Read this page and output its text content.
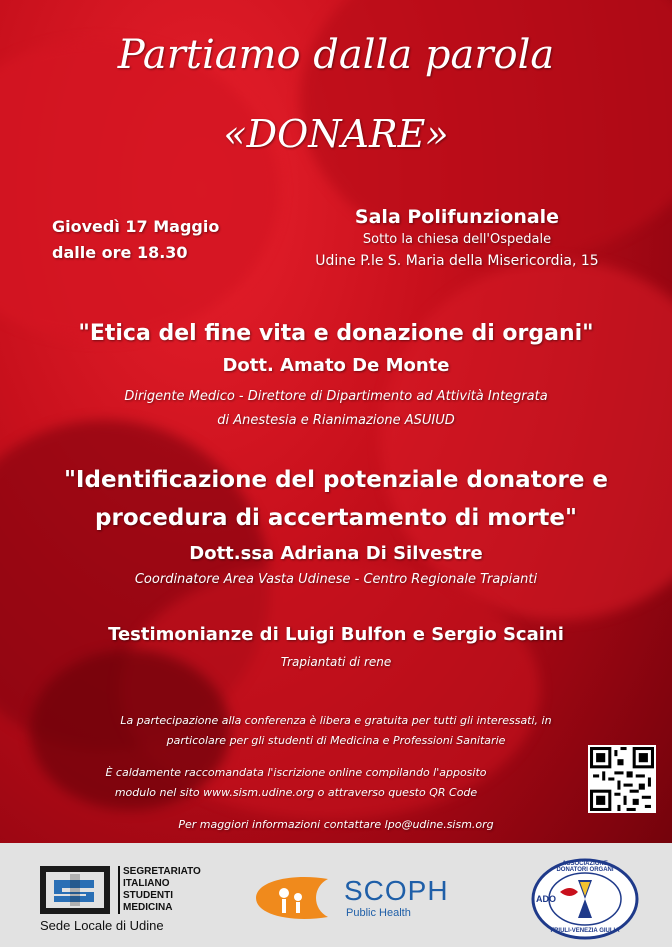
Partiamo dalla parola
«DONARE»
Giovedì 17 Maggio
dalle ore 18.30
Sala Polifunzionale
Sotto la chiesa dell'Ospedale
Udine P.le S. Maria della Misericordia, 15
"Etica del fine vita e donazione di organi"
Dott. Amato De Monte
Dirigente Medico - Direttore di Dipartimento ad Attività Integrata
di Anestesia e Rianimazione ASUIUD
"Identificazione del potenziale donatore e
procedura di accertamento di morte"
Dott.ssa Adriana Di Silvestre
Coordinatore Area Vasta Udinese - Centro Regionale Trapianti
Testimonianze di Luigi Bulfon e Sergio Scaini
Trapiantati di rene
La partecipazione alla conferenza è libera e gratuita per tutti gli interessati, in
particolare per gli studenti di Medicina e Professioni Sanitarie
È caldamente raccomandata l'iscrizione online compilando l'apposito
modulo nel sito www.sism.udine.org o attraverso questo QR Code
Per maggiori informazioni contattare lpo@udine.sism.org
SEGRETARIATO
ITALIANO
STUDENTI
MEDICINA
Sede Locale di Udine
SCOPH
Public Health
ASSOCIAZIONE DONATORI ORGANI
ADO
FRIULI-VENEZIA GIULIA
